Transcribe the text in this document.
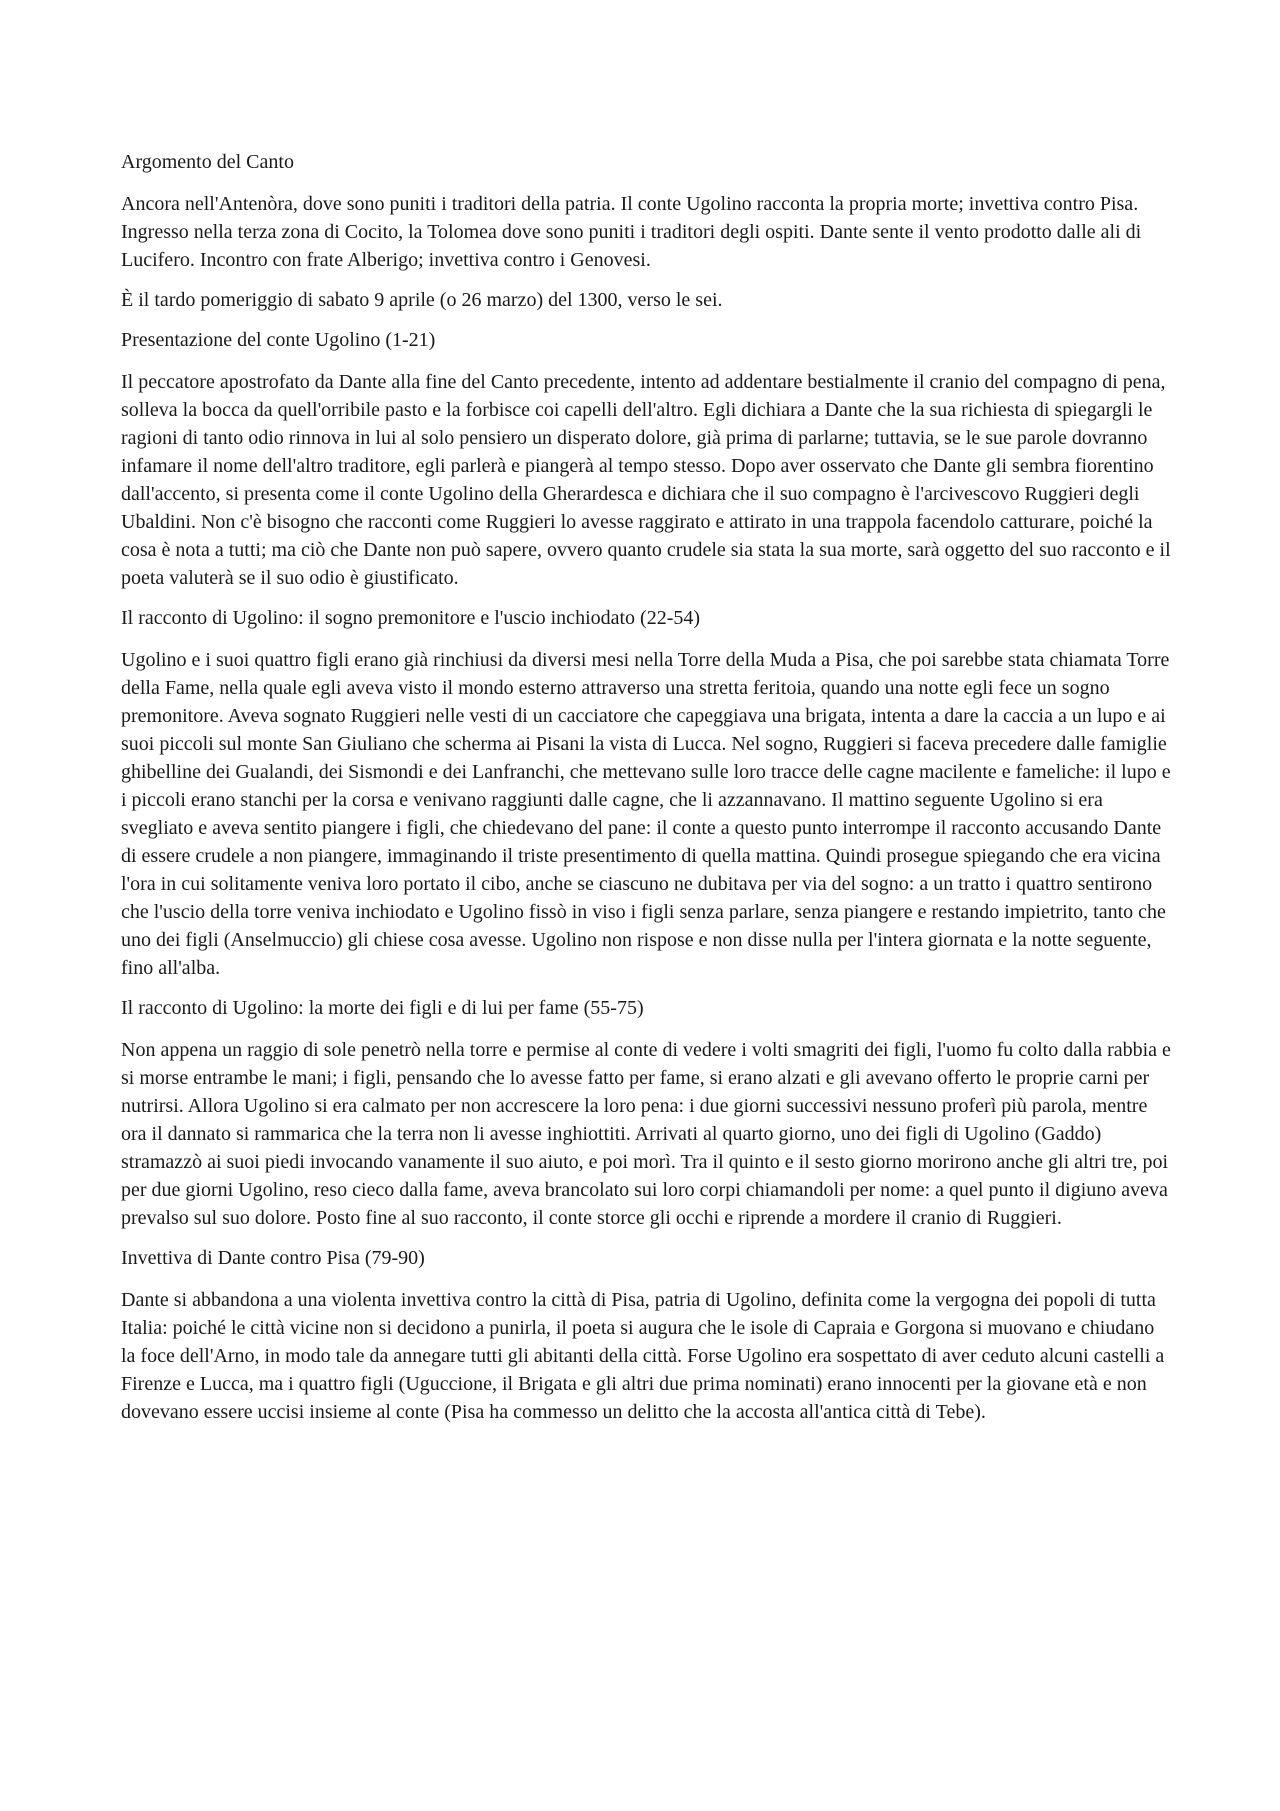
Argomento del Canto

Ancora nell'Antenòra, dove sono puniti i traditori della patria. Il conte Ugolino racconta la propria morte; invettiva contro Pisa. Ingresso nella terza zona di Cocito, la Tolomea dove sono puniti i traditori degli ospiti. Dante sente il vento prodotto dalle ali di Lucifero. Incontro con frate Alberigo; invettiva contro i Genovesi.

È il tardo pomeriggio di sabato 9 aprile (o 26 marzo) del 1300, verso le sei.

Presentazione del conte Ugolino (1-21)

Il peccatore apostrofato da Dante alla fine del Canto precedente, intento ad addentare bestialmente il cranio del compagno di pena, solleva la bocca da quell'orribile pasto e la forbisce coi capelli dell'altro. Egli dichiara a Dante che la sua richiesta di spiegargli le ragioni di tanto odio rinnova in lui al solo pensiero un disperato dolore, già prima di parlarne; tuttavia, se le sue parole dovranno infamare il nome dell'altro traditore, egli parlerà e piangerà al tempo stesso. Dopo aver osservato che Dante gli sembra fiorentino dall'accento, si presenta come il conte Ugolino della Gherardesca e dichiara che il suo compagno è l'arcivescovo Ruggieri degli Ubaldini. Non c'è bisogno che racconti come Ruggieri lo avesse raggirato e attirato in una trappola facendolo catturare, poiché la cosa è nota a tutti; ma ciò che Dante non può sapere, ovvero quanto crudele sia stata la sua morte, sarà oggetto del suo racconto e il poeta valuterà se il suo odio è giustificato.

Il racconto di Ugolino: il sogno premonitore e l'uscio inchiodato (22-54)

Ugolino e i suoi quattro figli erano già rinchiusi da diversi mesi nella Torre della Muda a Pisa, che poi sarebbe stata chiamata Torre della Fame, nella quale egli aveva visto il mondo esterno attraverso una stretta feritoia, quando una notte egli fece un sogno premonitore. Aveva sognato Ruggieri nelle vesti di un cacciatore che capeggiava una brigata, intenta a dare la caccia a un lupo e ai suoi piccoli sul monte San Giuliano che scherma ai Pisani la vista di Lucca. Nel sogno, Ruggieri si faceva precedere dalle famiglie ghibelline dei Gualandi, dei Sismondi e dei Lanfranchi, che mettevano sulle loro tracce delle cagne macilente e fameliche: il lupo e i piccoli erano stanchi per la corsa e venivano raggiunti dalle cagne, che li azzannavano. Il mattino seguente Ugolino si era svegliato e aveva sentito piangere i figli, che chiedevano del pane: il conte a questo punto interrompe il racconto accusando Dante di essere crudele a non piangere, immaginando il triste presentimento di quella mattina. Quindi prosegue spiegando che era vicina l'ora in cui solitamente veniva loro portato il cibo, anche se ciascuno ne dubitava per via del sogno: a un tratto i quattro sentirono che l'uscio della torre veniva inchiodato e Ugolino fissò in viso i figli senza parlare, senza piangere e restando impietrito, tanto che uno dei figli (Anselmuccio) gli chiese cosa avesse. Ugolino non rispose e non disse nulla per l'intera giornata e la notte seguente, fino all'alba.

Il racconto di Ugolino: la morte dei figli e di lui per fame (55-75)

Non appena un raggio di sole penetrò nella torre e permise al conte di vedere i volti smagriti dei figli, l'uomo fu colto dalla rabbia e si morse entrambe le mani; i figli, pensando che lo avesse fatto per fame, si erano alzati e gli avevano offerto le proprie carni per nutrirsi. Allora Ugolino si era calmato per non accrescere la loro pena: i due giorni successivi nessuno proferì più parola, mentre ora il dannato si rammarica che la terra non li avesse inghiottiti. Arrivati al quarto giorno, uno dei figli di Ugolino (Gaddo) stramazzò ai suoi piedi invocando vanamente il suo aiuto, e poi morì. Tra il quinto e il sesto giorno morirono anche gli altri tre, poi per due giorni Ugolino, reso cieco dalla fame, aveva brancolato sui loro corpi chiamandoli per nome: a quel punto il digiuno aveva prevalso sul suo dolore. Posto fine al suo racconto, il conte storce gli occhi e riprende a mordere il cranio di Ruggieri.

Invettiva di Dante contro Pisa (79-90)

Dante si abbandona a una violenta invettiva contro la città di Pisa, patria di Ugolino, definita come la vergogna dei popoli di tutta Italia: poiché le città vicine non si decidono a punirla, il poeta si augura che le isole di Capraia e Gorgona si muovano e chiudano la foce dell'Arno, in modo tale da annegare tutti gli abitanti della città. Forse Ugolino era sospettato di aver ceduto alcuni castelli a Firenze e Lucca, ma i quattro figli (Uguccione, il Brigata e gli altri due prima nominati) erano innocenti per la giovane età e non dovevano essere uccisi insieme al conte (Pisa ha commesso un delitto che la accosta all'antica città di Tebe).
